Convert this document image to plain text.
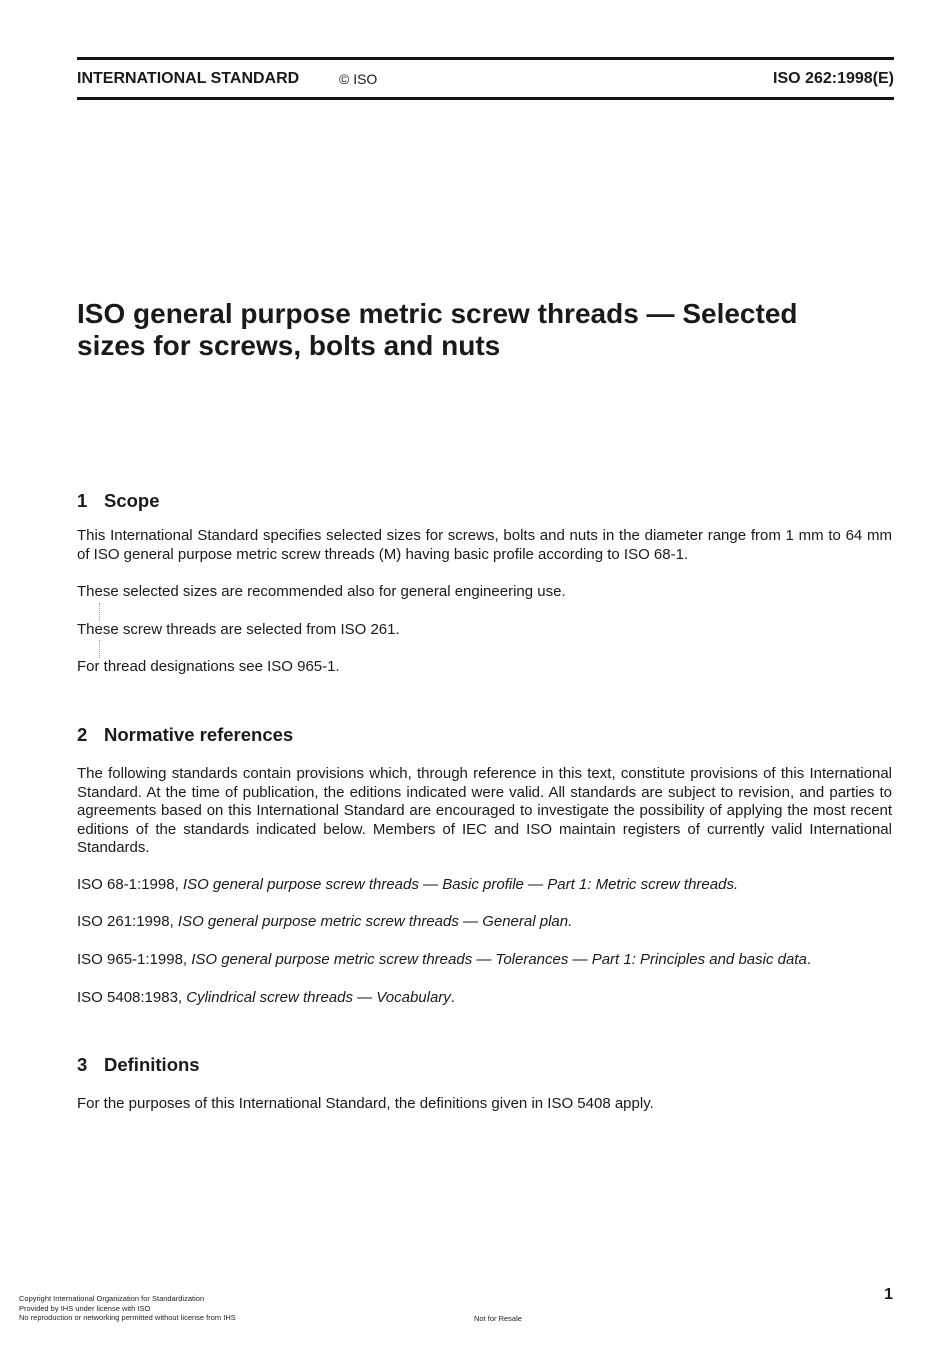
INTERNATIONAL STANDARD	© ISO	ISO 262:1998(E)
ISO general purpose metric screw threads — Selected
sizes for screws, bolts and nuts
1 Scope

This International Standard specifies selected sizes for screws, bolts and nuts in the diameter range from 1 mm to 64 mm of ISO general purpose metric screw threads (M) having basic profile according to ISO 68-1.

These selected sizes are recommended also for general engineering use.

These screw threads are selected from ISO 261.

For thread designations see ISO 965-1.

2 Normative references

The following standards contain provisions which, through reference in this text, constitute provisions of this International Standard. At the time of publication, the editions indicated were valid. All standards are subject to revision, and parties to agreements based on this International Standard are encouraged to investigate the possibility of applying the most recent editions of the standards indicated below. Members of IEC and ISO maintain registers of currently valid International Standards.

ISO 68-1:1998, ISO general purpose screw threads — Basic profile — Part 1: Metric screw threads.

ISO 261:1998, ISO general purpose metric screw threads — General plan.

ISO 965-1:1998, ISO general purpose metric screw threads — Tolerances — Part 1: Principles and basic data.

ISO 5408:1983, Cylindrical screw threads — Vocabulary.

3 Definitions

For the purposes of this International Standard, the definitions given in ISO 5408 apply.

1
Copyright International Organization for Standardization
Provided by IHS under license with ISO
No reproduction or networking permitted without license from IHS	Not for Resale
